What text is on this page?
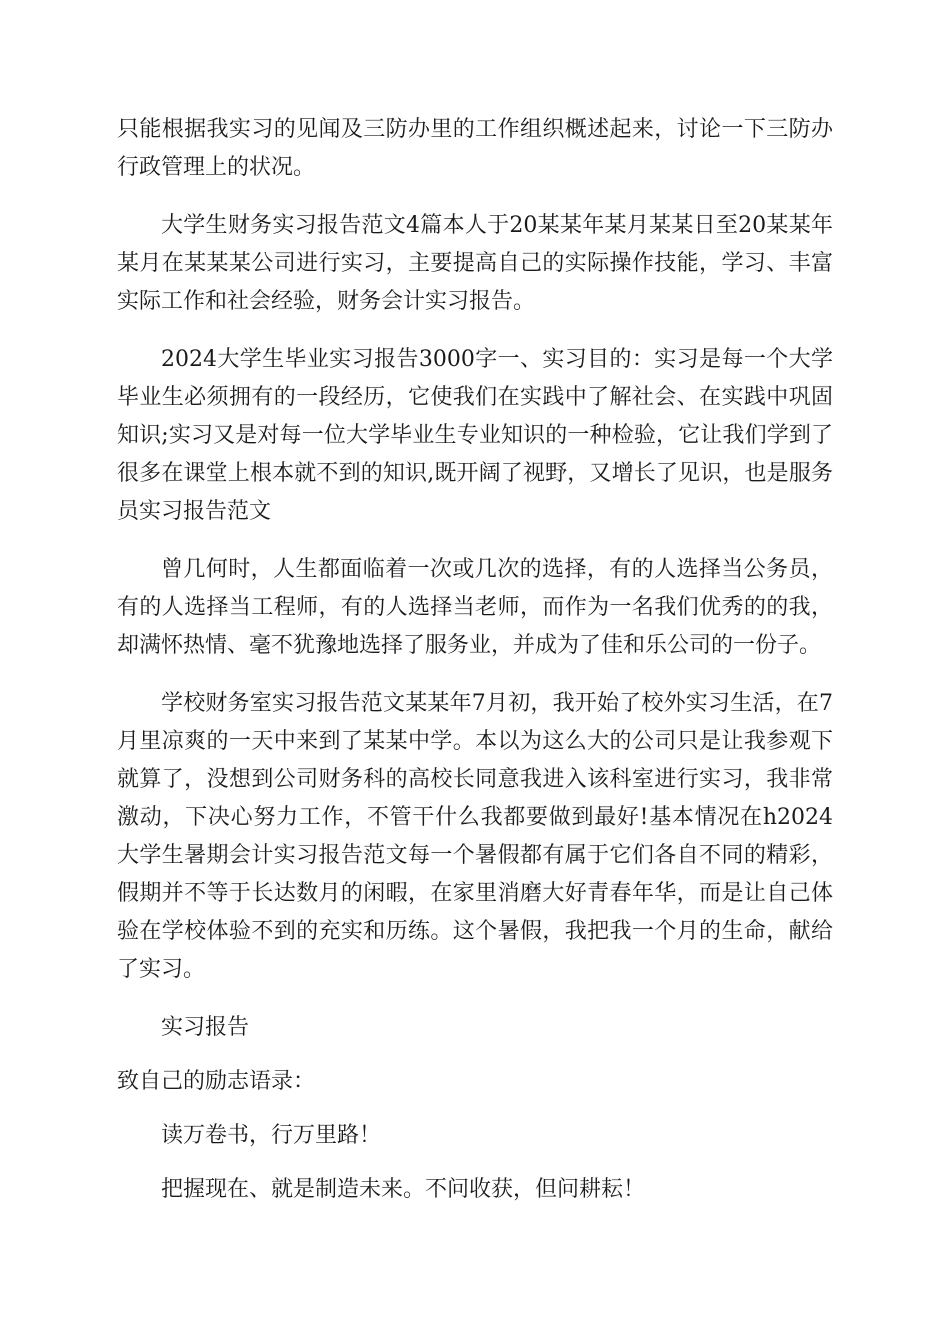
只能根据我实习的见闻及三防办里的工作组织概述起来，讨论一下三防办行政管理上的状况。

大学生财务实习报告范文4篇本人于20某某年某月某某日至20某某年某月在某某某公司进行实习，主要提高自己的实际操作技能，学习、丰富实际工作和社会经验，财务会计实习报告。

2024大学生毕业实习报告3000字一、实习目的：实习是每一个大学毕业生必须拥有的一段经历，它使我们在实践中了解社会、在实践中巩固知识;实习又是对每一位大学毕业生专业知识的一种检验，它让我们学到了很多在课堂上根本就不到的知识,既开阔了视野，又增长了见识，也是服务员实习报告范文

曾几何时，人生都面临着一次或几次的选择，有的人选择当公务员，有的人选择当工程师，有的人选择当老师，而作为一名我们优秀的的我，却满怀热情、毫不犹豫地选择了服务业，并成为了佳和乐公司的一份子。

学校财务室实习报告范文某某年7月初，我开始了校外实习生活，在7月里凉爽的一天中来到了某某中学。本以为这么大的公司只是让我参观下就算了，没想到公司财务科的高校长同意我进入该科室进行实习，我非常激动，下决心努力工作，不管干什么我都要做到最好!基本情况在h2024大学生暑期会计实习报告范文每一个暑假都有属于它们各自不同的精彩，假期并不等于长达数月的闲暇，在家里消磨大好青春年华，而是让自己体验在学校体验不到的充实和历练。这个暑假，我把我一个月的生命，献给了实习。

实习报告

致自己的励志语录：

读万卷书，行万里路！

把握现在、就是制造未来。不问收获，但问耕耘！
